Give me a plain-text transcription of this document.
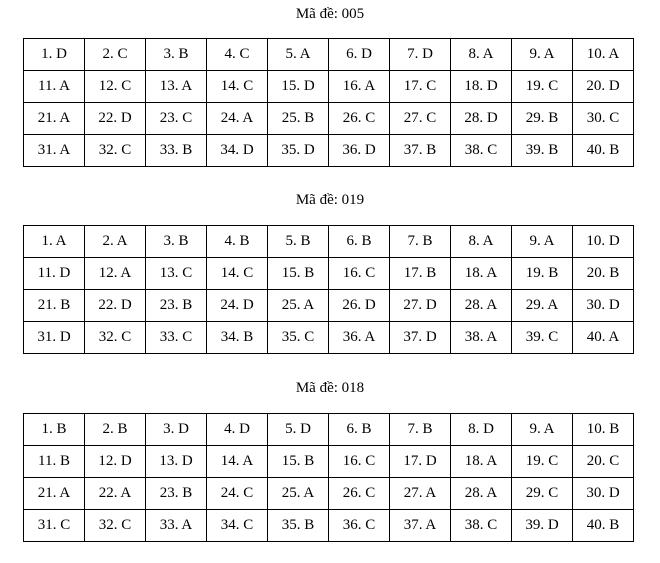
Mã đề: 005
1. D	2. C	3. B	4. C	5. A	6. D	7. D	8. A	9. A	10. A
11. A	12. C	13. A	14. C	15. D	16. A	17. C	18. D	19. C	20. D
21. A	22. D	23. C	24. A	25. B	26. C	27. C	28. D	29. B	30. C
31. A	32. C	33. B	34. D	35. D	36. D	37. B	38. C	39. B	40. B
Mã đề: 019
1. A	2. A	3. B	4. B	5. B	6. B	7. B	8. A	9. A	10. D
11. D	12. A	13. C	14. C	15. B	16. C	17. B	18. A	19. B	20. B
21. B	22. D	23. B	24. D	25. A	26. D	27. D	28. A	29. A	30. D
31. D	32. C	33. C	34. B	35. C	36. A	37. D	38. A	39. C	40. A
Mã đề: 018
1. B	2. B	3. D	4. D	5. D	6. B	7. B	8. D	9. A	10. B
11. B	12. D	13. D	14. A	15. B	16. C	17. D	18. A	19. C	20. C
21. A	22. A	23. B	24. C	25. A	26. C	27. A	28. A	29. C	30. D
31. C	32. C	33. A	34. C	35. B	36. C	37. A	38. C	39. D	40. B
